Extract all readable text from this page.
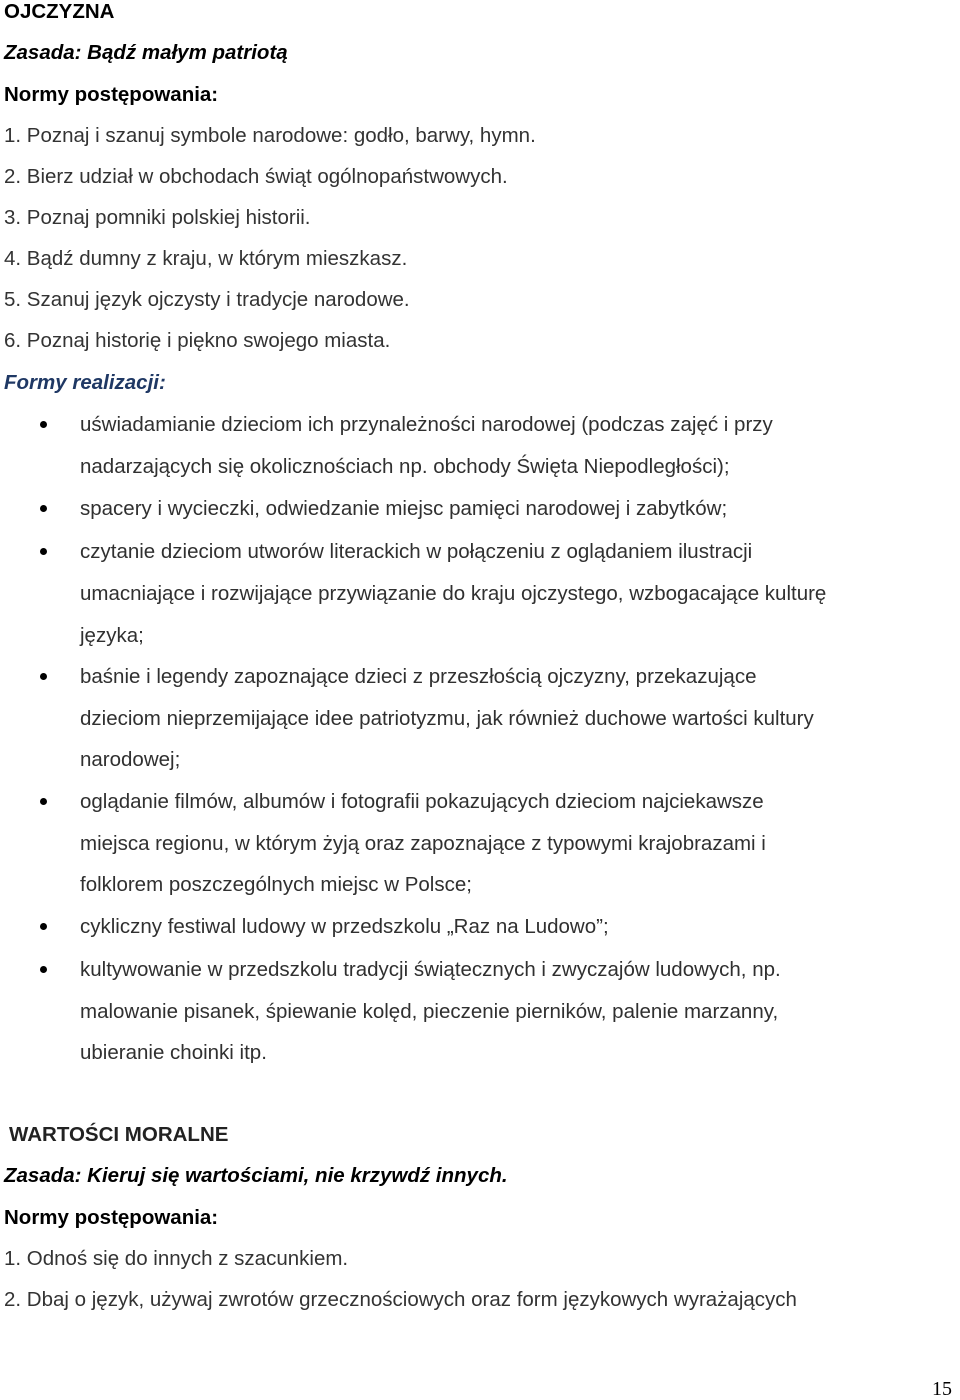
OJCZYZNA
Zasada: Bądź małym patriotą
Normy postępowania:
1. Poznaj i szanuj symbole narodowe: godło, barwy, hymn.
2. Bierz udział w obchodach świąt ogólnopaństwowych.
3. Poznaj pomniki polskiej historii.
4. Bądź dumny z kraju, w którym mieszkasz.
5. Szanuj język ojczysty i tradycje narodowe.
6. Poznaj historię i piękno swojego miasta.
Formy realizacji:
uświadamianie dzieciom ich przynależności narodowej (podczas zajęć i przy
nadarzających się okolicznościach np. obchody Święta Niepodległości);
spacery i wycieczki, odwiedzanie miejsc pamięci narodowej i zabytków;
czytanie dzieciom utworów literackich w połączeniu z oglądaniem ilustracji
umacniające i rozwijające przywiązanie do kraju ojczystego, wzbogacające kulturę
języka;
baśnie i legendy zapoznające dzieci z przeszłością ojczyzny, przekazujące
dzieciom nieprzemijające idee patriotyzmu, jak również duchowe wartości kultury
narodowej;
oglądanie filmów, albumów i fotografii pokazujących dzieciom najciekawsze
miejsca regionu, w którym żyją oraz zapoznające z typowymi krajobrazami i
folklorem poszczególnych miejsc w Polsce;
cykliczny festiwal ludowy w przedszkolu „Raz na Ludowo”;
kultywowanie w przedszkolu tradycji świątecznych i zwyczajów ludowych, np.
malowanie pisanek, śpiewanie kolęd, pieczenie pierników, palenie marzanny,
ubieranie choinki itp.
WARTOŚCI MORALNE
Zasada: Kieruj się wartościami, nie krzywdź innych.
Normy postępowania:
1. Odnoś się do innych z szacunkiem.
2. Dbaj o język, używaj zwrotów grzecznościowych oraz form językowych wyrażających
15
